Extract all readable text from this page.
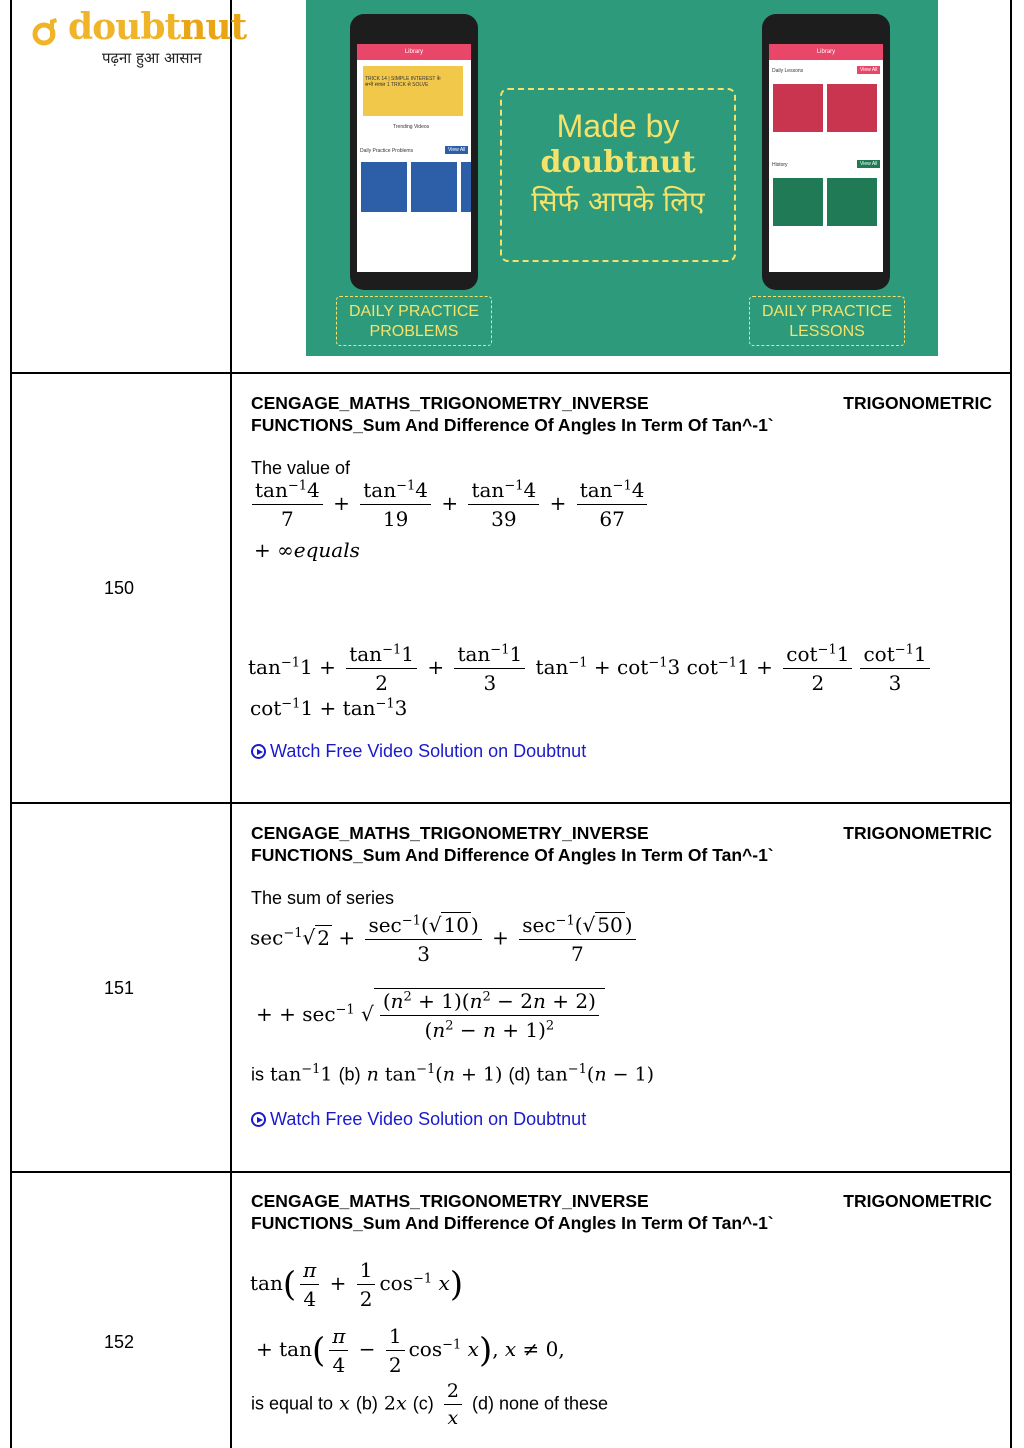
doubtnut
पढ़ना हुआ आसान	Library
TRICK 14 | SIMPLE INTEREST के सभी सवाल 1 TRICK से SOLVE
Trending Videos
Daily Practice Problems	View All
Made by
doubtnut
सिर्फ आपके लिए
Library
Daily Lessons	View All
History	View All
DAILY PRACTICE PROBLEMS
DAILY PRACTICE LESSONS
150
CENGAGE_MATHS_TRIGONOMETRY_INVERSE	TRIGONOMETRIC
FUNCTIONS_Sum And Difference Of Angles In Term Of Tan^-1`
The value of
$\frac{\tan^{-1}4}{7} + \frac{\tan^{-1}4}{19} + \frac{\tan^{-1}4}{39} + \frac{\tan^{-1}4}{67}$
+ ∞equals
$\tan^{-1}1 + \frac{\tan^{-1}1}{2} + \frac{\tan^{-1}1}{3} \tan^{-1} + \cot^{-1}3$ $\cot^{-1}1 + \frac{\cot^{-1}1}{2} \frac{\cot^{-1}1}{3}$
$\cot^{-1}1 + \tan^{-1}3$
Watch Free Video Solution on Doubtnut
151
CENGAGE_MATHS_TRIGONOMETRY_INVERSE	TRIGONOMETRIC
FUNCTIONS_Sum And Difference Of Angles In Term Of Tan^-1`
The sum of series
$\sec^{-1}√$ $2 + \frac{\sec^{-1}(√ 10 )}{3} + \frac{\sec^{-1}(√ 50 )}{7}$
+ + $\sec^{-1}$ √ $\frac{(n^2 + 1)(n^2 - 2n + 2)}{(n^2 - n + 1)^2}$
is $\tan^{-1}1$ (b) n $\tan^{-1}(n + 1)$ (d) $\tan^{-1}(n - 1)$
Watch Free Video Solution on Doubtnut
152
CENGAGE_MATHS_TRIGONOMETRY_INVERSE	TRIGONOMETRIC
FUNCTIONS_Sum And Difference Of Angles In Term Of Tan^-1`
$\tan( \frac{\pi}{4} + \frac{1}{2} \cos^{-1} x)$
+ $\tan( \frac{\pi}{4} - \frac{1}{2} \cos^{-1} x)$, x ≠ 0,
is equal to x (b) 2x $(c) \frac{2}{x} (d)$ none of these
